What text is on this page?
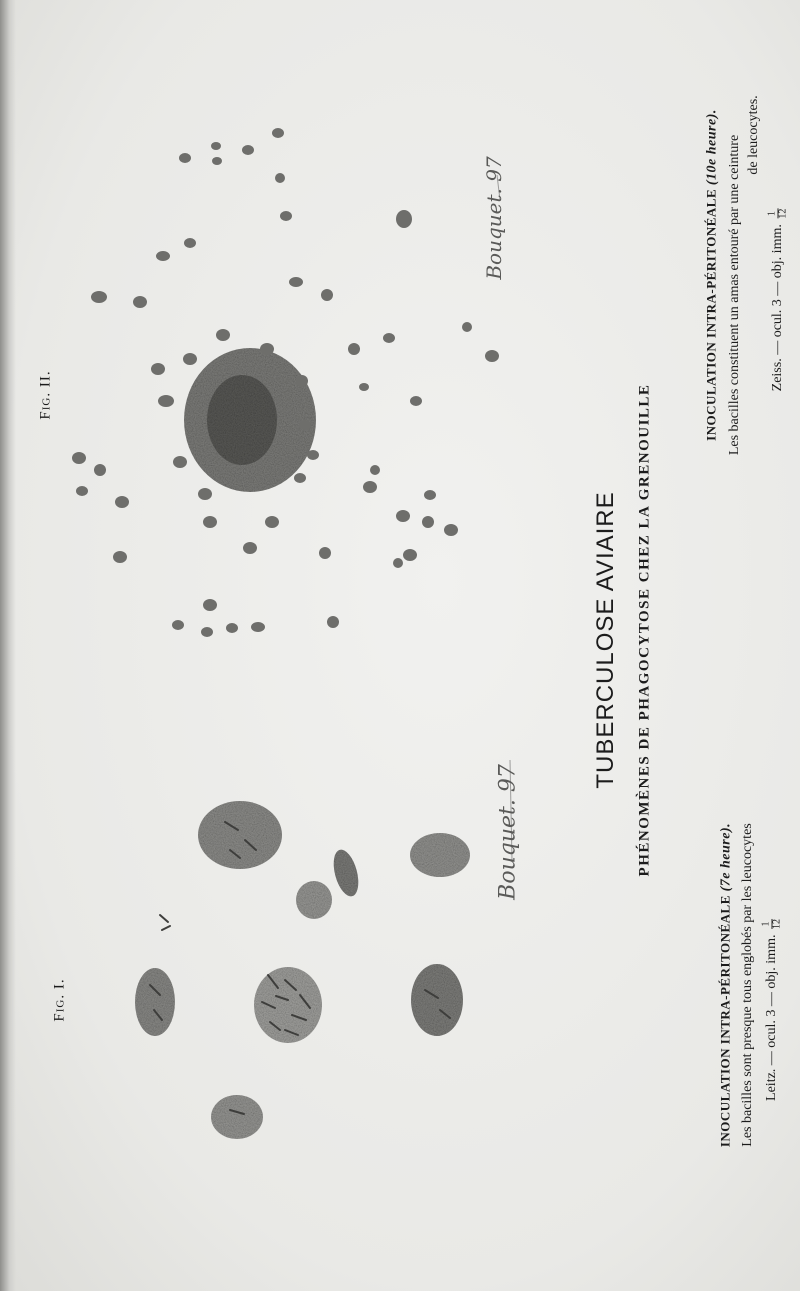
Fig. I.
Fig. II.
Bouquet. 97
Bouquet. 97
TUBERCULOSE AVIAIRE PHÉNOMÈNES DE PHAGOCYTOSE CHEZ LA GRENOUILLE
INOCULATION INTRA-PÉRITONÉALE (7e heure). Les bacilles sont presque tous englobés par les leucocytes Leitz. — ocul. 3 — obj. imm.
1 12
INOCULATION INTRA-PÉRITONÉALE (10e heure). Les bacilles constituent un amas entouré par une ceinture de leucocytes.
Zeiss. — ocul. 3 — obj. imm.
1 12
